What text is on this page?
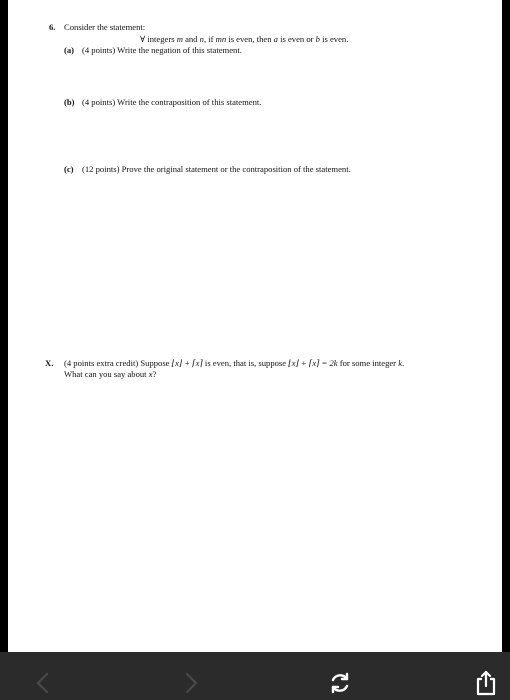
6. Consider the statement:
∀ integers m and n, if mn is even, then a is even or b is even.
(a) (4 points) Write the negation of this statement.
(b) (4 points) Write the contraposition of this statement.
(c) (12 points) Prove the original statement or the contraposition of the statement.
X. (4 points extra credit) Suppose ⌊x⌋ + ⌈x⌉ is even, that is, suppose ⌊x⌋ + ⌈x⌉ = 2k for some integer k.
What can you say about x?
